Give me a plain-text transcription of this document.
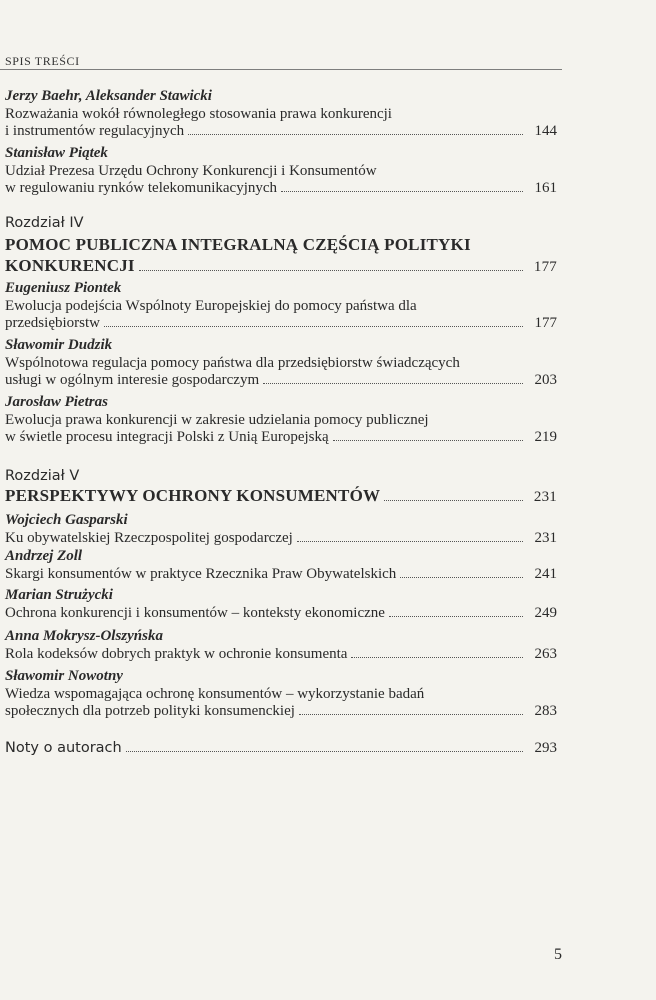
SPIS TREŚCI
Jerzy Baehr, Aleksander Stawicki
Rozważania wokół równoległego stosowania prawa konkurencji
i instrumentów regulacyjnych	144
Stanisław Piątek
Udział Prezesa Urzędu Ochrony Konkurencji i Konsumentów
w regulowaniu rynków telekomunikacyjnych	161
Rozdział IV
POMOC PUBLICZNA INTEGRALNĄ CZĘŚCIĄ POLITYKI
KONKURENCJI	177
Eugeniusz Piontek
Ewolucja podejścia Wspólnoty Europejskiej do pomocy państwa dla
przedsiębiorstw	177
Sławomir Dudzik
Wspólnotowa regulacja pomocy państwa dla przedsiębiorstw świadczących
usługi w ogólnym interesie gospodarczym	203
Jarosław Pietras
Ewolucja prawa konkurencji w zakresie udzielania pomocy publicznej
w świetle procesu integracji Polski z Unią Europejską	219
Rozdział V
PERSPEKTYWY OCHRONY KONSUMENTÓW	231
Wojciech Gasparski
Ku obywatelskiej Rzeczpospolitej gospodarczej	231
Andrzej Zoll
Skargi konsumentów w praktyce Rzecznika Praw Obywatelskich	241
Marian Strużycki
Ochrona konkurencji i konsumentów – konteksty ekonomiczne	249
Anna Mokrysz-Olszyńska
Rola kodeksów dobrych praktyk w ochronie konsumenta	263
Sławomir Nowotny
Wiedza wspomagająca ochronę konsumentów – wykorzystanie badań
społecznych dla potrzeb polityki konsumenckiej	283
Noty o autorach	293
5
